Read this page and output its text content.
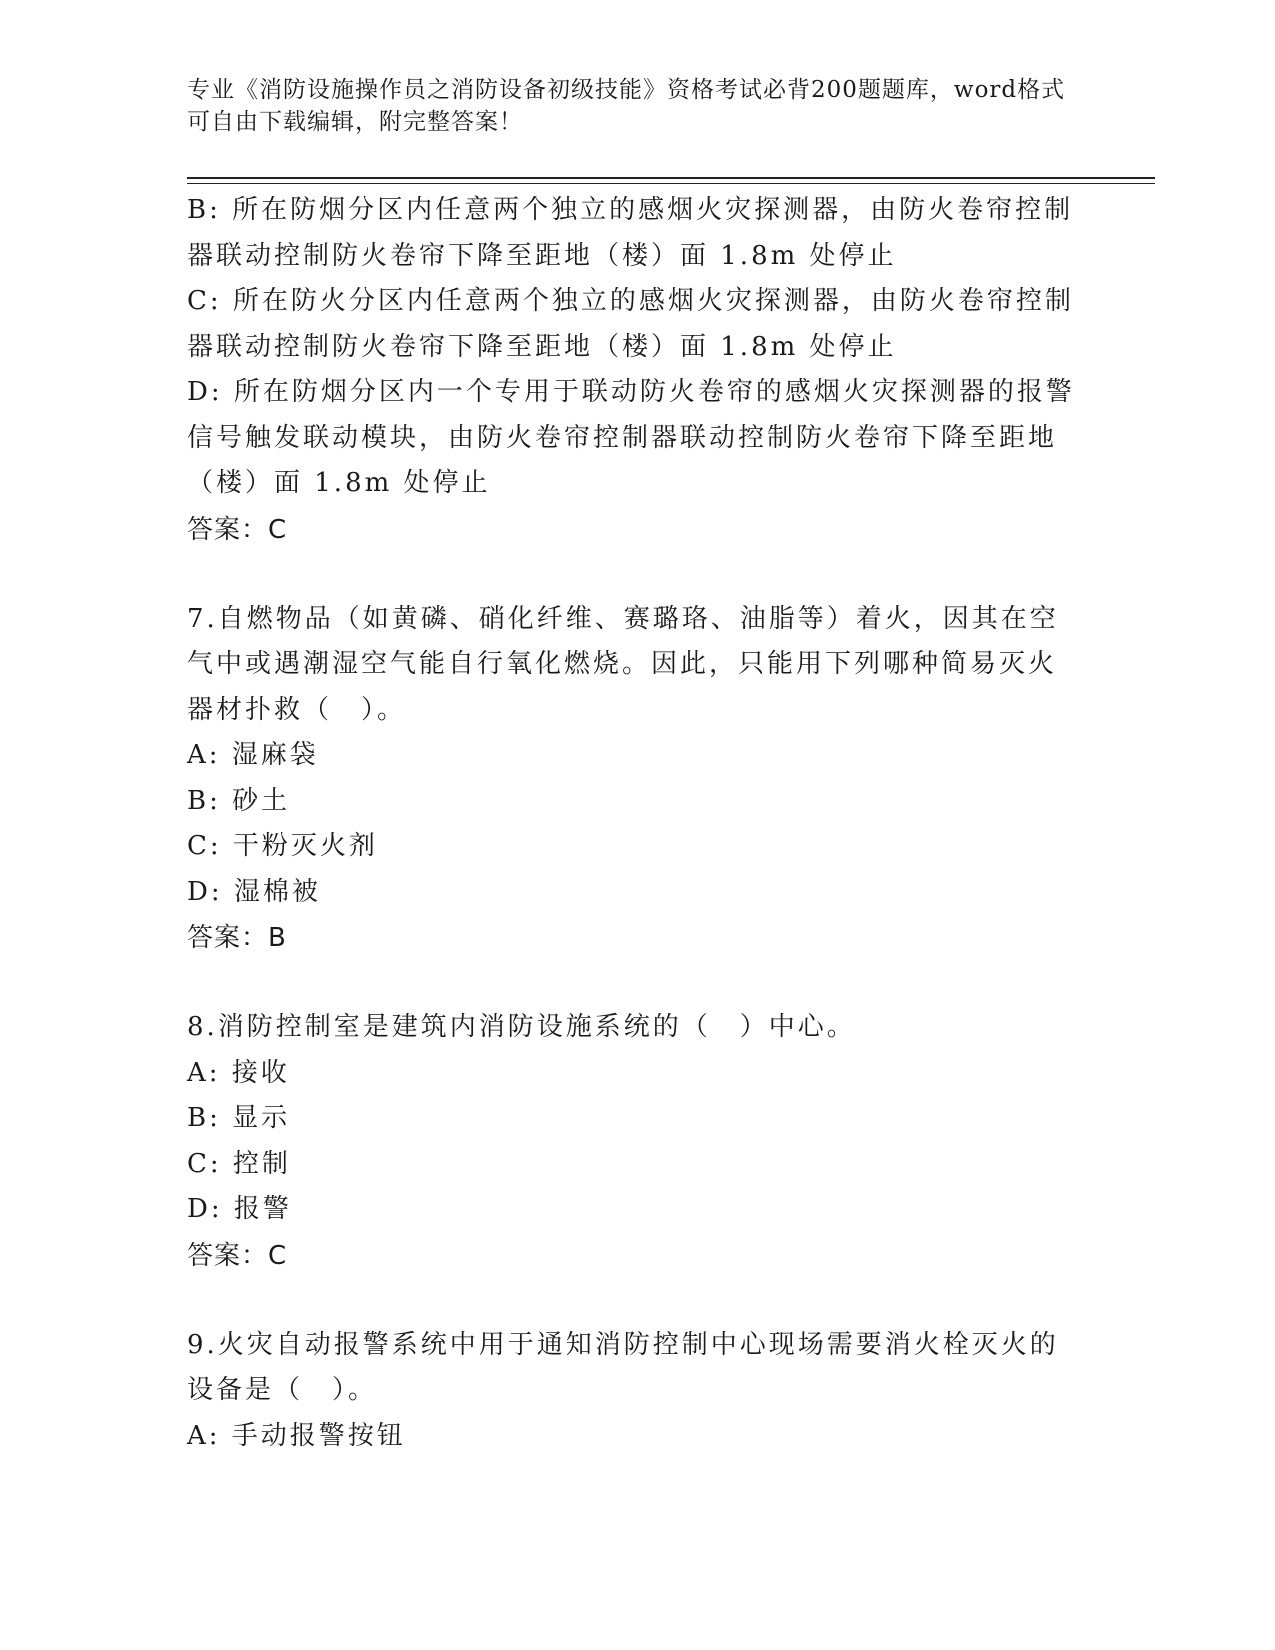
专业《消防设施操作员之消防设备初级技能》资格考试必背200题题库，word格式可自由下载编辑，附完整答案！
B: 所在防烟分区内任意两个独立的感烟火灾探测器，由防火卷帘控制
器联动控制防火卷帘下降至距地（楼）面 1.8m 处停止
C: 所在防火分区内任意两个独立的感烟火灾探测器，由防火卷帘控制
器联动控制防火卷帘下降至距地（楼）面 1.8m 处停止
D: 所在防烟分区内一个专用于联动防火卷帘的感烟火灾探测器的报警
信号触发联动模块，由防火卷帘控制器联动控制防火卷帘下降至距地
（楼）面 1.8m 处停止
答案：C
7.自燃物品（如黄磷、硝化纤维、赛璐珞、油脂等）着火，因其在空
气中或遇潮湿空气能自行氧化燃烧。因此，只能用下列哪种简易灭火
器材扑救（　）。
A: 湿麻袋
B: 砂土
C: 干粉灭火剂
D: 湿棉被
答案：B
8.消防控制室是建筑内消防设施系统的（　）中心。
A: 接收
B: 显示
C: 控制
D: 报警
答案：C
9.火灾自动报警系统中用于通知消防控制中心现场需要消火栓灭火的
设备是（　）。
A: 手动报警按钮
